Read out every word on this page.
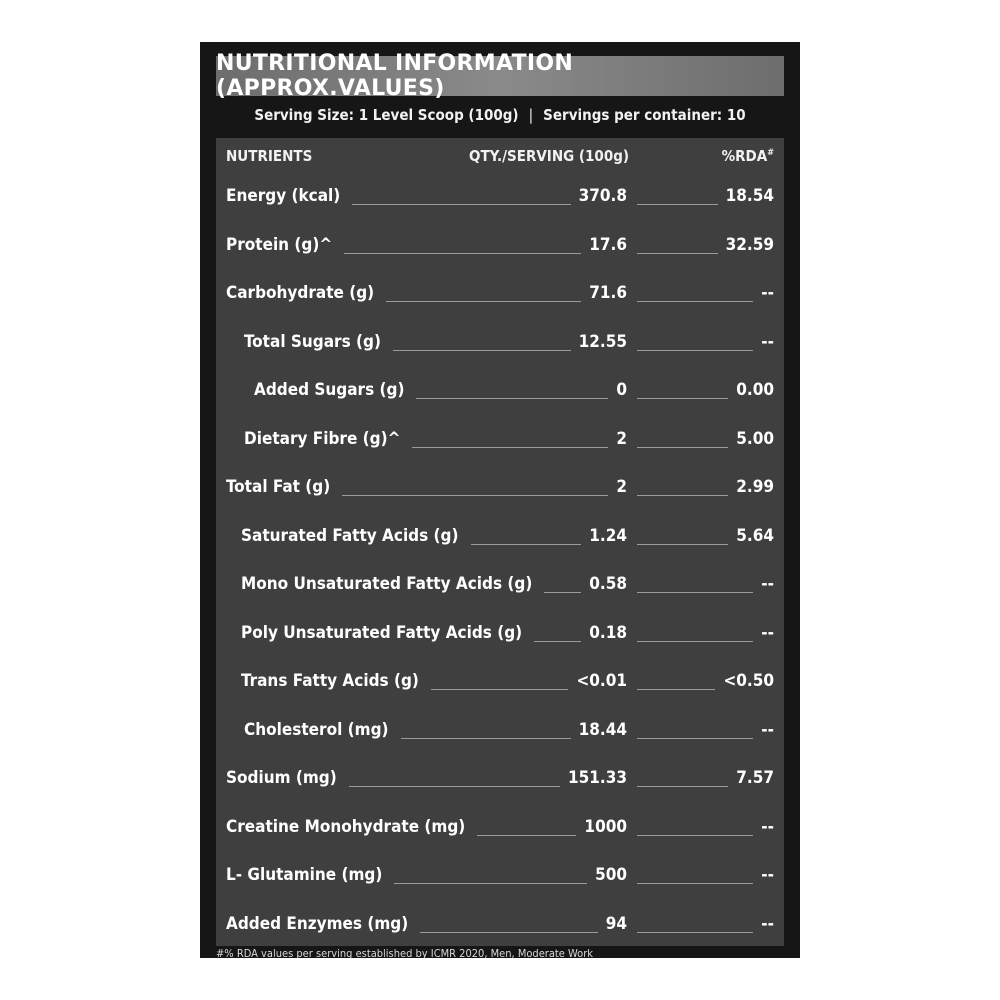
NUTRITIONAL INFORMATION (APPROX.VALUES)
Serving Size: 1 Level Scoop (100g) | Servings per container: 10
NUTRIENTS	QTY./SERVING (100g)	%RDA#
Energy (kcal)	370.8	18.54
Protein (g)^	17.6	32.59
Carbohydrate (g)	71.6	--
Total Sugars (g)	12.55	--
Added Sugars (g)	0	0.00
Dietary Fibre (g)^	2	5.00
Total Fat (g)	2	2.99
Saturated Fatty Acids (g)	1.24	5.64
Mono Unsaturated Fatty Acids (g)	0.58	--
Poly Unsaturated Fatty Acids (g)	0.18	--
Trans Fatty Acids (g)	<0.01	<0.50
Cholesterol (mg)	18.44	--
Sodium (mg)	151.33	7.57
Creatine Monohydrate (mg)	1000	--
L- Glutamine (mg)	500	--
Added Enzymes (mg)	94	--
#% RDA values per serving established by ICMR 2020, Men, Moderate Work
